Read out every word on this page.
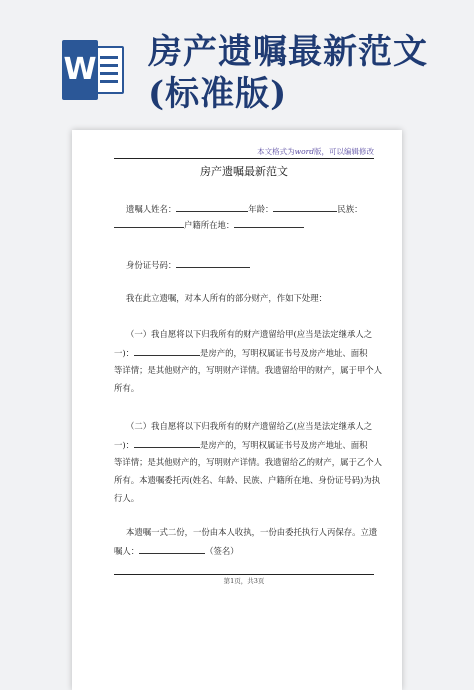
W 房产遗嘱最新范文
(标准版)
本文格式为word版，可以编辑修改
房产遗嘱最新范文
遗嘱人姓名：	年龄：	民族：
户籍所在地：
身份证号码：
我在此立遗嘱，对本人所有的部分财产，作如下处理：
（一）我自愿将以下归我所有的财产遗留给甲(应当是法定继承人之
一)：	是房产的，写明权属证书号及房产地址、面积
等详情；是其他财产的，写明财产详情。我遗留给甲的财产，属于甲个人
所有。
（二）我自愿将以下归我所有的财产遗留给乙(应当是法定继承人之
一)：	是房产的，写明权属证书号及房产地址、面积
等详情；是其他财产的，写明财产详情。我遗留给乙的财产，属于乙个人
所有。本遗嘱委托丙(姓名、年龄、民族、户籍所在地、身份证号码)为执
行人。
本遗嘱一式二份，一份由本人收执，一份由委托执行人丙保存。立遗
嘱人：	（签名）
第1页，共3页
